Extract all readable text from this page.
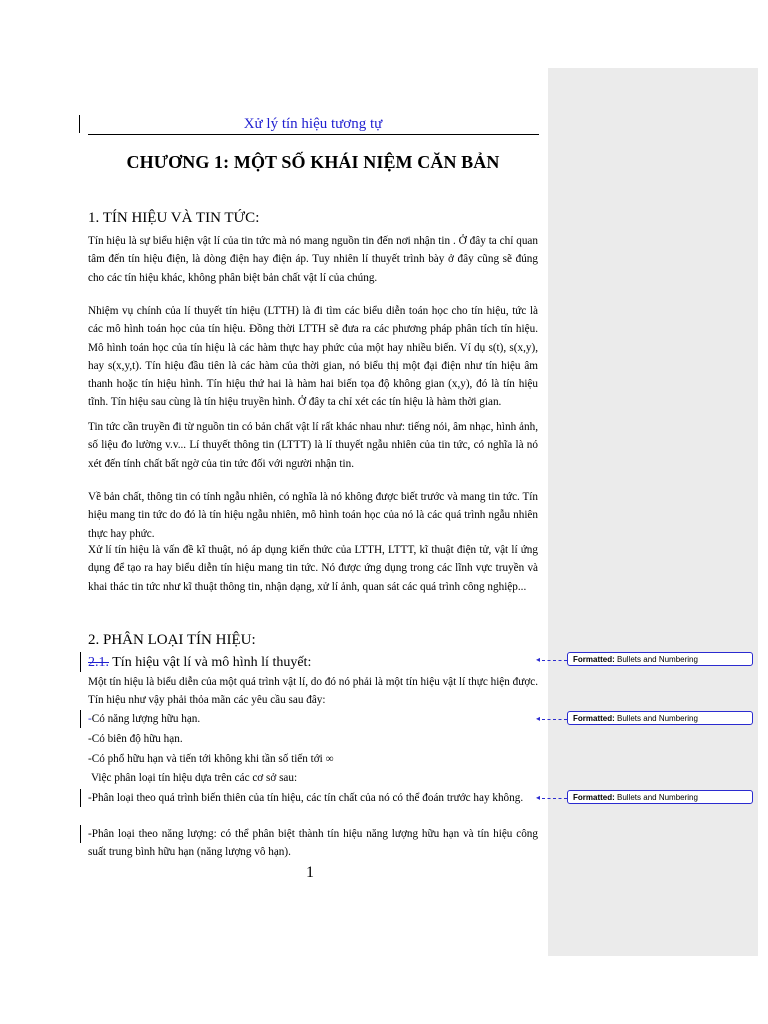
Xử lý tín hiệu tương tự
CHƯƠNG 1: MỘT SỐ KHÁI NIỆM CĂN BẢN
1. TÍN HIỆU VÀ TIN TỨC:

Tín hiệu là sự biểu hiện vật lí của tin tức mà nó mang nguồn tin đến nơi nhận tin . Ở đây ta chỉ quan tâm đến tín hiệu điện, là dòng điện hay điện áp. Tuy nhiên lí thuyết trình bày ở đây cũng sẽ đúng cho các tín hiệu khác, không phân biệt bản chất vật lí của chúng.

Nhiệm vụ chính của lí thuyết tín hiệu (LTTH) là đi tìm các biểu diễn toán học cho tín hiệu, tức là các mô hình toán học của tín hiệu. Đồng thời LTTH sẽ đưa ra các phương pháp phân tích tín hiệu. Mô hình toán học của tín hiệu là các hàm thực hay phức của một hay nhiều biến. Ví dụ s(t), s(x,y), hay s(x,y,t). Tín hiệu đầu tiên là các hàm của thời gian, nó biểu thị một đại điện như tín hiệu âm thanh hoặc tín hiệu hình. Tín hiệu thứ hai là hàm hai biến tọa độ không gian (x,y), đó là tín hiệu tĩnh. Tín hiệu sau cùng là tín hiệu truyền hình. Ở đây ta chỉ xét các tín hiệu là hàm thời gian.

Tin tức cần truyền đi từ nguồn tin có bản chất vật lí rất khác nhau như: tiếng nói, âm nhạc, hình ảnh, số liệu đo lường v.v... Lí thuyết thông tin (LTTT) là lí thuyết ngẫu nhiên của tin tức, có nghĩa là nó xét đến tính chất bất ngờ của tin tức đối với người nhận tin.

Về bản chất, thông tin có tính ngẫu nhiên, có nghĩa là nó không được biết trước và mang tin tức. Tín hiệu mang tin tức do đó là tín hiệu ngẫu nhiên, mô hình toán học của nó là các quá trình ngẫu nhiên thực hay phức.

Xử lí tín hiệu là vấn đề kĩ thuật, nó áp dụng kiến thức của LTTH, LTTT, kĩ thuật điện tử, vật lí ứng dụng để tạo ra hay biểu diễn tín hiệu mang tin tức. Nó được ứng dụng trong các lĩnh vực truyền và khai thác tin tức như kĩ thuật thông tin, nhận dạng, xử lí ảnh, quan sát các quá trình công nghiệp...

2. PHÂN LOẠI TÍN HIỆU:
2.1. Tín hiệu vật lí và mô hình lí thuyết:

Một tín hiệu là biểu diễn của một quá trình vật lí, do đó nó phải là một tín hiệu vật lí thực hiện được. Tín hiệu như vậy phải thỏa mãn các yêu cầu sau đây:

-Có năng lượng hữu hạn.
-Có biên độ hữu hạn.
-Có phổ hữu hạn và tiến tới không khi tần số tiến tới ∞
Việc phân loại tín hiệu dựa trên các cơ sở sau:

-Phân loại theo quá trình biến thiên của tín hiệu, các tín chất của nó có thể đoán trước hay không.

-Phân loại theo năng lượng: có thể phân biệt thành tín hiệu năng lượng hữu hạn và tín hiệu công suất trung bình hữu hạn (năng lượng vô hạn).

1
◂	Formatted: Bullets and Numbering
◂	Formatted: Bullets and Numbering
◂	Formatted: Bullets and Numbering
